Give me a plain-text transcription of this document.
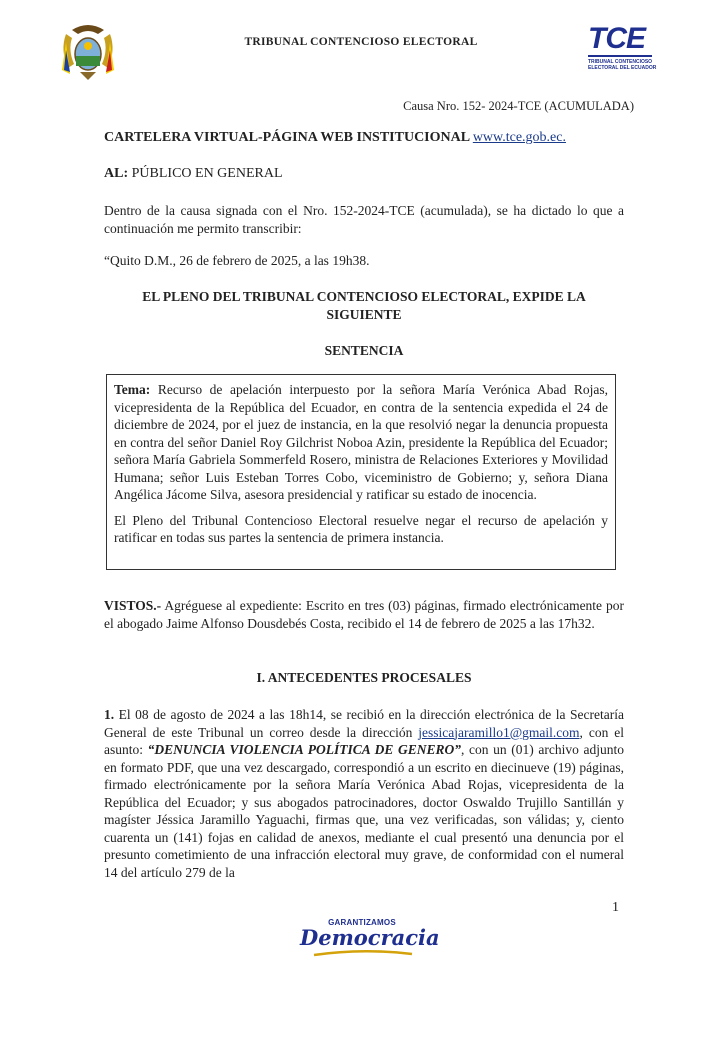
TRIBUNAL CONTENCIOSO ELECTORAL	TCE
TRIBUNAL CONTENCIOSO
ELECTORAL DEL ECUADOR
Causa Nro. 152- 2024-TCE (ACUMULADA)
CARTELERA VIRTUAL-PÁGINA WEB INSTITUCIONAL www.tce.gob.ec.
AL: PÚBLICO EN GENERAL
Dentro de la causa signada con el Nro. 152-2024-TCE (acumulada), se ha dictado lo que a continuación me permito transcribir:
“Quito D.M., 26 de febrero de 2025, a las 19h38.
EL PLENO DEL TRIBUNAL CONTENCIOSO ELECTORAL, EXPIDE LA SIGUIENTE
SENTENCIA

Tema: Recurso de apelación interpuesto por la señora María Verónica Abad Rojas, vicepresidenta de la República del Ecuador, en contra de la sentencia expedida el 24 de diciembre de 2024, por el juez de instancia, en la que resolvió negar la denuncia propuesta en contra del señor Daniel Roy Gilchrist Noboa Azin, presidente la República del Ecuador; señora María Gabriela Sommerfeld Rosero, ministra de Relaciones Exteriores y Movilidad Humana; señor Luis Esteban Torres Cobo, viceministro de Gobierno; y, señora Diana Angélica Jácome Silva, asesora presidencial y ratificar su estado de inocencia.

El Pleno del Tribunal Contencioso Electoral resuelve negar el recurso de apelación y ratificar en todas sus partes la sentencia de primera instancia.

VISTOS.- Agréguese al expediente: Escrito en tres (03) páginas, firmado electrónicamente por el abogado Jaime Alfonso Dousdebés Costa, recibido el 14 de febrero de 2025 a las 17h32.
I. ANTECEDENTES PROCESALES
1. El 08 de agosto de 2024 a las 18h14, se recibió en la dirección electrónica de la Secretaría General de este Tribunal un correo desde la dirección jessicajaramillo1@gmail.com, con el asunto: “DENUNCIA VIOLENCIA POLÍTICA DE GENERO”, con un (01) archivo adjunto en formato PDF, que una vez descargado, correspondió a un escrito en diecinueve (19) páginas, firmado electrónicamente por la señora María Verónica Abad Rojas, vicepresidenta de la República del Ecuador; y sus abogados patrocinadores, doctor Oswaldo Trujillo Santillán y magíster Jéssica Jaramillo Yaguachi, firmas que, una vez verificadas, son válidas; y, ciento cuarenta un (141) fojas en calidad de anexos, mediante el cual presentó una denuncia por el presunto cometimiento de una infracción electoral muy grave, de conformidad con el numeral 14 del artículo 279 de la
1
GARANTIZAMOS
Democracia
